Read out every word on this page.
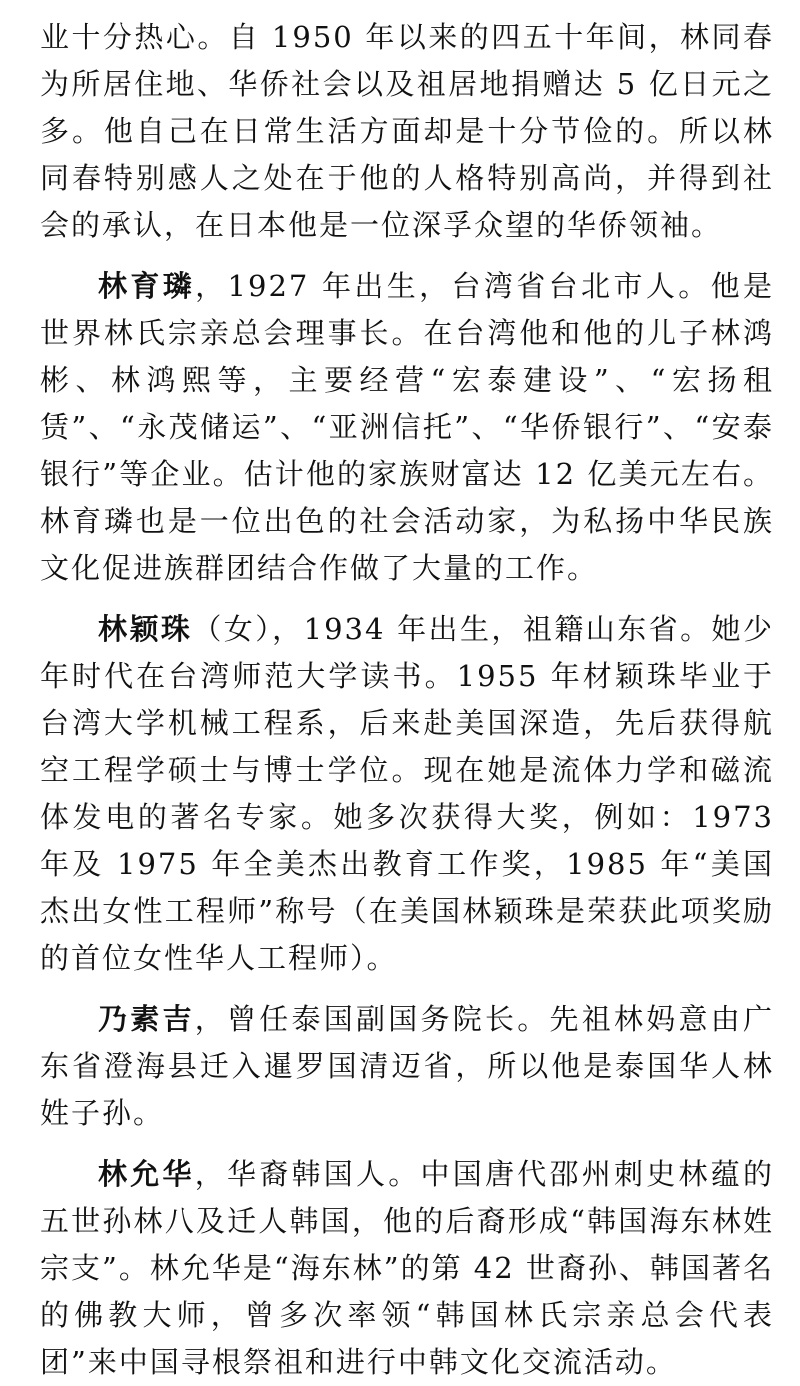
业十分热心。自 1950 年以来的四五十年间，林同春为所居住地、华侨社会以及祖居地捐赠达 5 亿日元之多。他自己在日常生活方面却是十分节俭的。所以林同春特别感人之处在于他的人格特别高尚，并得到社会的承认，在日本他是一位深孚众望的华侨领袖。

林育璘，1927 年出生，台湾省台北市人。他是世界林氏宗亲总会理事长。在台湾他和他的儿子林鸿彬、林鸿熙等，主要经营“宏泰建设”、“宏扬租赁”、“永茂储运”、“亚洲信托”、“华侨银行”、“安泰银行”等企业。估计他的家族财富达 12 亿美元左右。林育璘也是一位出色的社会活动家，为私扬中华民族文化促进族群团结合作做了大量的工作。

林颖珠（女），1934 年出生，祖籍山东省。她少年时代在台湾师范大学读书。1955 年材颖珠毕业于台湾大学机械工程系，后来赴美国深造，先后获得航空工程学硕士与博士学位。现在她是流体力学和磁流体发电的著名专家。她多次获得大奖，例如：1973 年及 1975 年全美杰出教育工作奖，1985 年“美国杰出女性工程师”称号（在美国林颖珠是荣获此项奖励的首位女性华人工程师）。

乃素吉，曾任泰国副国务院长。先祖林妈意由广东省澄海县迁入暹罗国清迈省，所以他是泰国华人林姓子孙。

林允华，华裔韩国人。中国唐代邵州刺史林蕴的五世孙林八及迁人韩国，他的后裔形成“韩国海东林姓宗支”。林允华是“海东林”的第 42 世裔孙、韩国著名的佛教大师，曾多次率领“韩国林氏宗亲总会代表团”来中国寻根祭祖和进行中韩文化交流活动。
